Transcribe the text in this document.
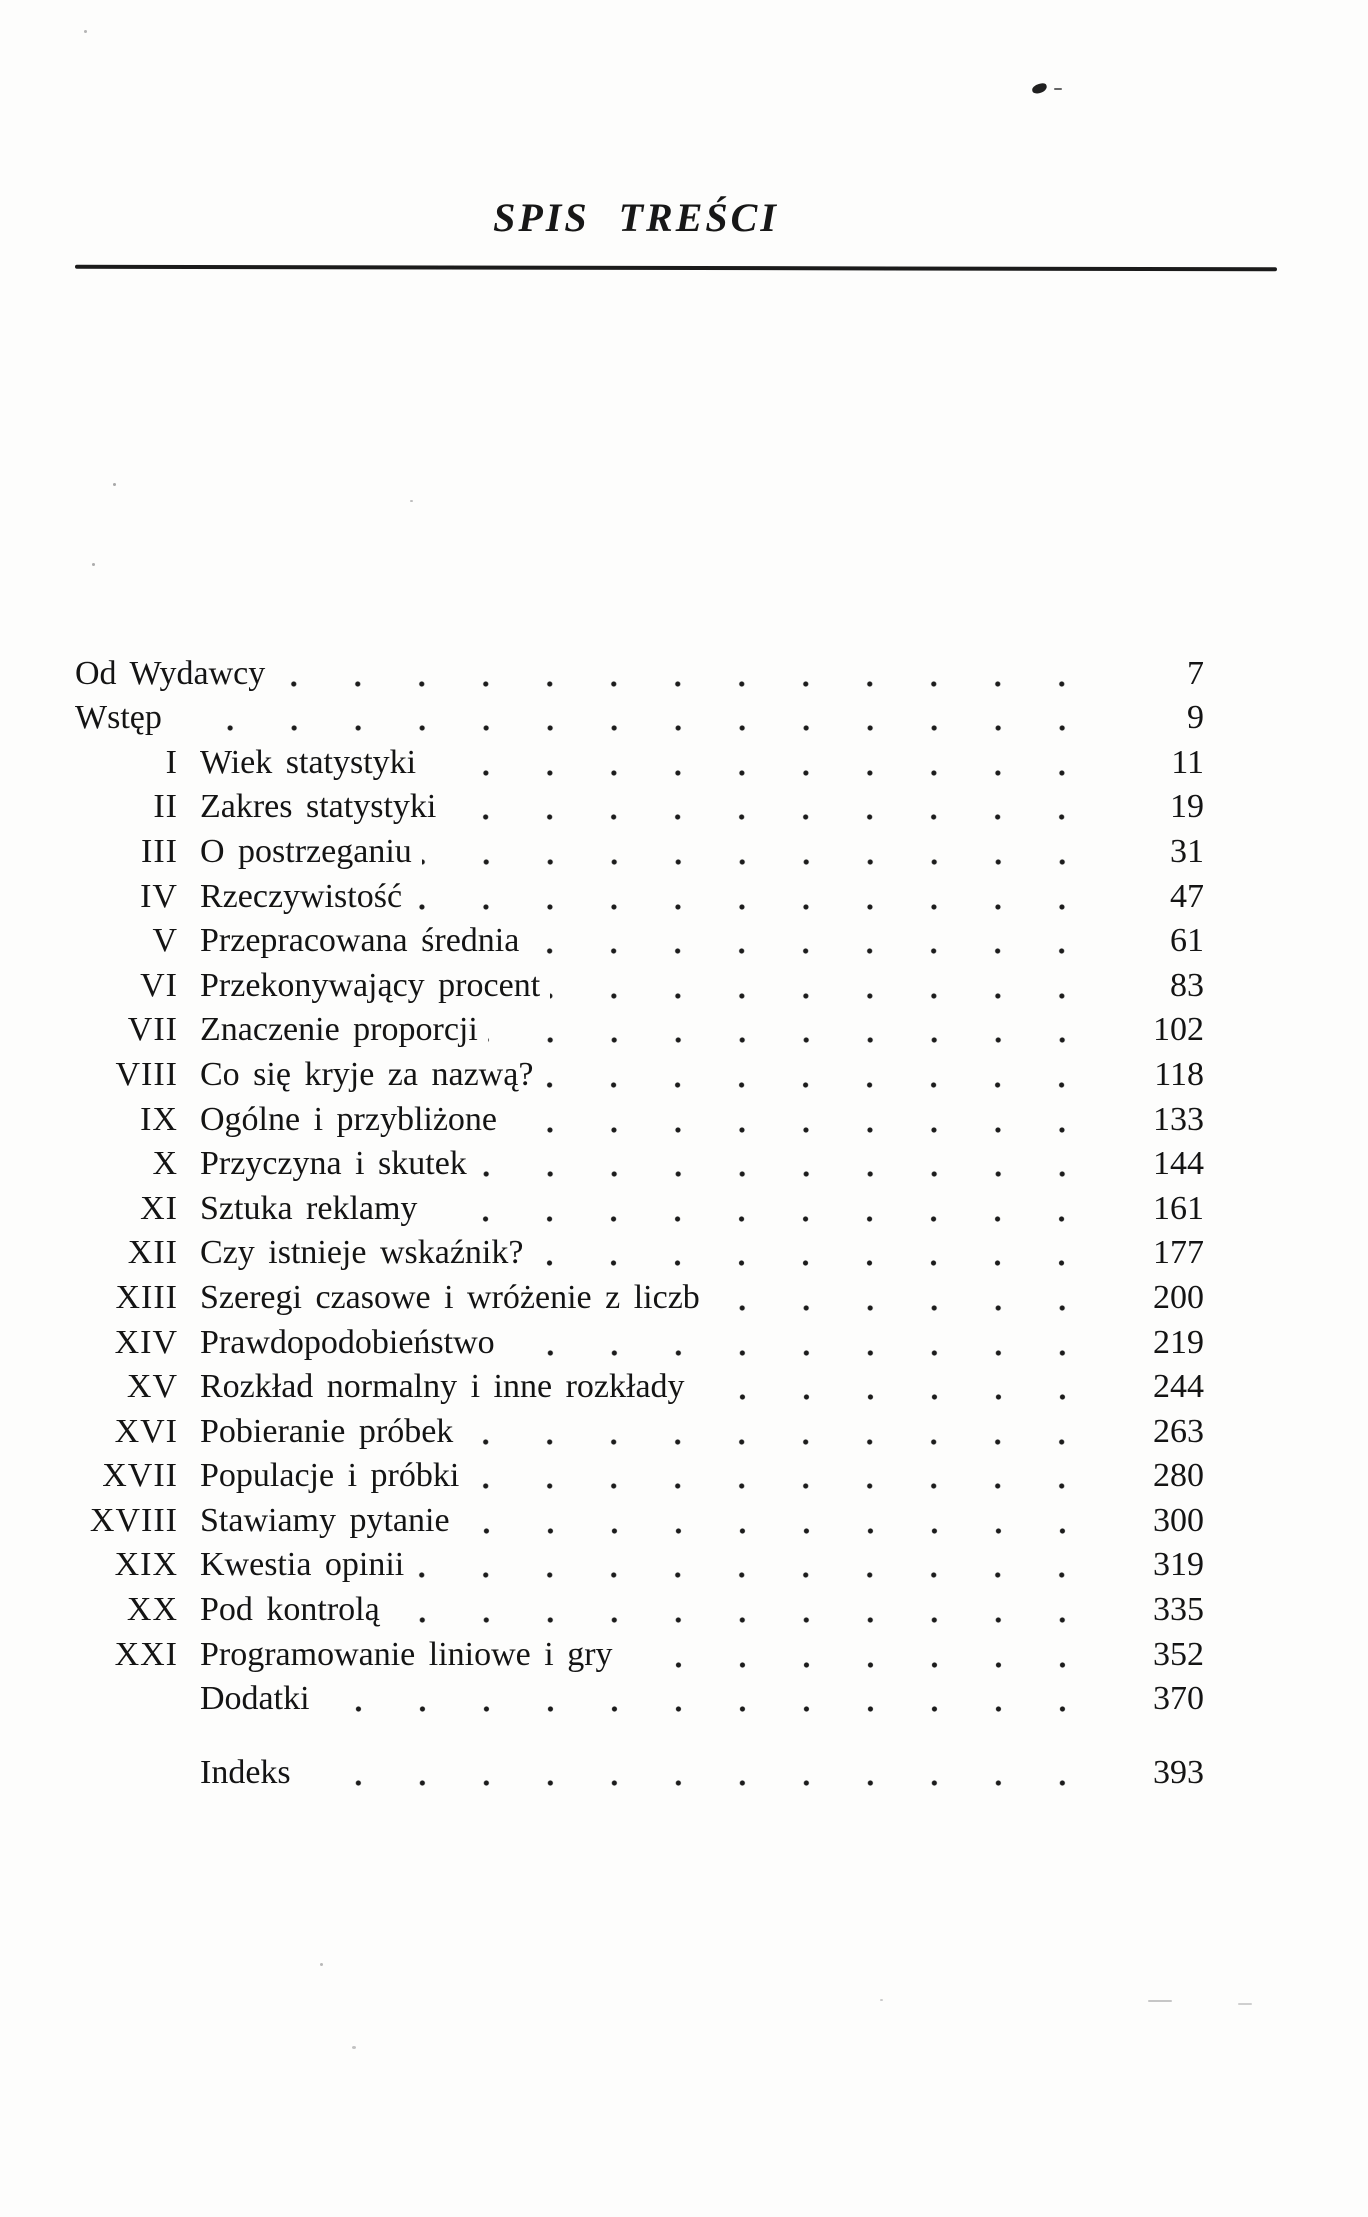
SPIS TREŚCI
Od Wydawcy	7
Wstęp	9
I Wiek statystyki	11
II Zakres statystyki	19
III O postrzeganiu	31
IV Rzeczywistość	47
V Przepracowana średnia	61
VI Przekonywający procent	83
VII Znaczenie proporcji	102
VIII Co się kryje za nazwą?	118
IX Ogólne i przybliżone	133
X Przyczyna i skutek	144
XI Sztuka reklamy	161
XII Czy istnieje wskaźnik?	177
XIII Szeregi czasowe i wróżenie z liczb	200
XIV Prawdopodobieństwo	219
XV Rozkład normalny i inne rozkłady	244
XVI Pobieranie próbek	263
XVII Populacje i próbki	280
XVIII Stawiamy pytanie	300
XIX Kwestia opinii	319
XX Pod kontrolą	335
XXI Programowanie liniowe i gry	352
Dodatki	370
Indeks	393
